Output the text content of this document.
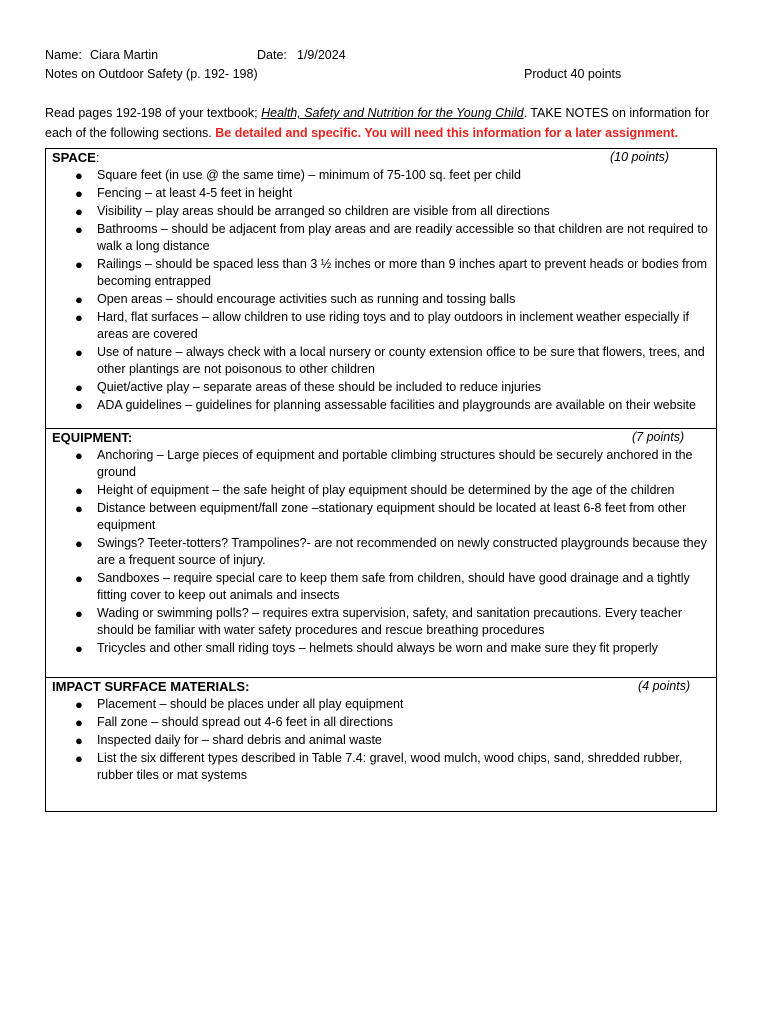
Name: Ciara Martin	Date: 1/9/2024
Notes on Outdoor Safety (p. 192- 198)	Product 40 points
Read pages 192-198 of your textbook; Health, Safety and Nutrition for the Young Child. TAKE NOTES on information for each of the following sections. Be detailed and specific. You will need this information for a later assignment.
SPACE:	(10 points)
● Square feet (in use @ the same time) – minimum of 75-100 sq. feet per child
● Fencing – at least 4-5 feet in height
● Visibility – play areas should be arranged so children are visible from all directions
● Bathrooms – should be adjacent from play areas and are readily accessible so that children are not required to walk a long distance
● Railings – should be spaced less than 3 ½ inches or more than 9 inches apart to prevent heads or bodies from becoming entrapped
● Open areas – should encourage activities such as running and tossing balls
● Hard, flat surfaces – allow children to use riding toys and to play outdoors in inclement weather especially if areas are covered
● Use of nature – always check with a local nursery or county extension office to be sure that flowers, trees, and other plantings are not poisonous to other children
● Quiet/active play – separate areas of these should be included to reduce injuries
● ADA guidelines – guidelines for planning assessable facilities and playgrounds are available on their website
EQUIPMENT:	(7 points)
● Anchoring – Large pieces of equipment and portable climbing structures should be securely anchored in the ground
● Height of equipment – the safe height of play equipment should be determined by the age of the children
● Distance between equipment/fall zone –stationary equipment should be located at least 6-8 feet from other equipment
● Swings? Teeter-totters? Trampolines?- are not recommended on newly constructed playgrounds because they are a frequent source of injury.
● Sandboxes – require special care to keep them safe from children, should have good drainage and a tightly fitting cover to keep out animals and insects
● Wading or swimming polls? – requires extra supervision, safety, and sanitation precautions. Every teacher should be familiar with water safety procedures and rescue breathing procedures
● Tricycles and other small riding toys – helmets should always be worn and make sure they fit properly
IMPACT SURFACE MATERIALS:	(4 points)
● Placement – should be places under all play equipment
● Fall zone – should spread out 4-6 feet in all directions
● Inspected daily for – shard debris and animal waste
● List the six different types described in Table 7.4: gravel, wood mulch, wood chips, sand, shredded rubber, rubber tiles or mat systems
